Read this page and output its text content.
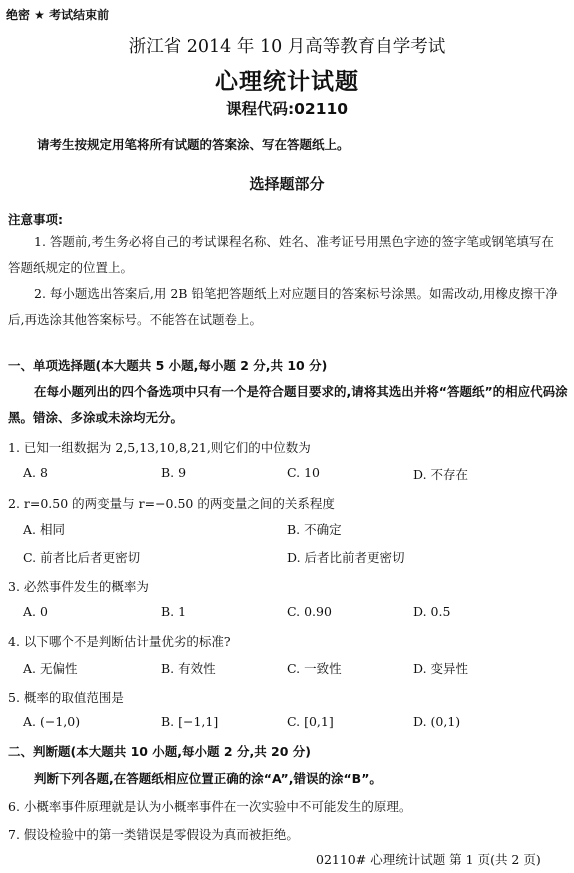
绝密 ★ 考试结束前
浙江省 2014 年 10 月高等教育自学考试
心理统计试题
课程代码:02110
请考生按规定用笔将所有试题的答案涂、写在答题纸上。
选择题部分
注意事项:
1. 答题前,考生务必将自己的考试课程名称、姓名、准考证号用黑色字迹的签字笔或钢笔填写在答题纸规定的位置上。
2. 每小题选出答案后,用 2B 铅笔把答题纸上对应题目的答案标号涂黑。如需改动,用橡皮擦干净后,再选涂其他答案标号。不能答在试题卷上。
一、单项选择题(本大题共 5 小题,每小题 2 分,共 10 分)
在每小题列出的四个备选项中只有一个是符合题目要求的,请将其选出并将“答题纸”的相应代码涂黑。错涂、多涂或未涂均无分。
1. 已知一组数据为 2,5,13,10,8,21,则它们的中位数为
A. 8	B. 9	C. 10	D. 不存在
2. r=0.50 的两变量与 r=−0.50 的两变量之间的关系程度
A. 相同	B. 不确定
C. 前者比后者更密切	D. 后者比前者更密切
3. 必然事件发生的概率为
A. 0	B. 1	C. 0.90	D. 0.5
4. 以下哪个不是判断估计量优劣的标准?
A. 无偏性	B. 有效性	C. 一致性	D. 变异性
5. 概率的取值范围是
A. (−1,0)	B. [−1,1]	C. [0,1]	D. (0,1)
二、判断题(本大题共 10 小题,每小题 2 分,共 20 分)
判断下列各题,在答题纸相应位置正确的涂“A”,错误的涂“B”。
6. 小概率事件原理就是认为小概率事件在一次实验中不可能发生的原理。
7. 假设检验中的第一类错误是零假设为真而被拒绝。
02110# 心理统计试题 第 1 页(共 2 页)
